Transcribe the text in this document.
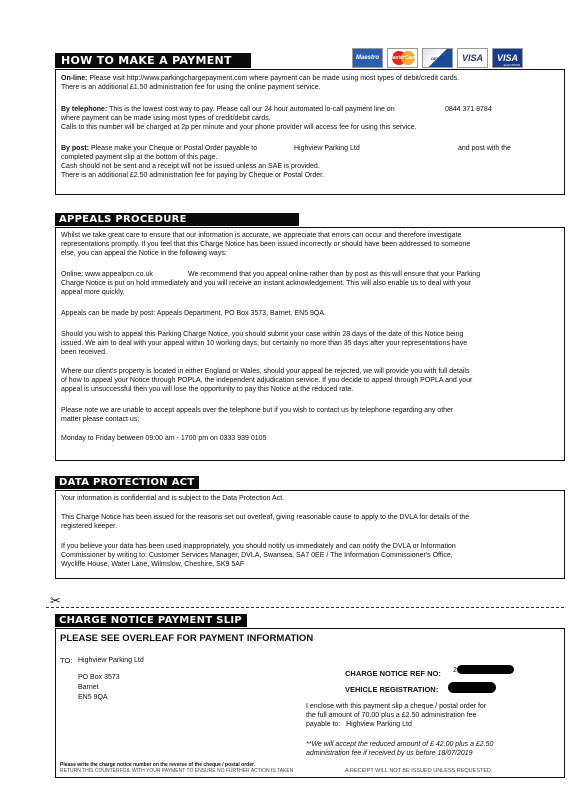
HOW TO MAKE A PAYMENT	Maestro	MasterCard	DELTA	VISA	VISA
ELECTRON
On-line: Please visit http://www.parkingchargepayment.com where payment can be made using most types of debit/credit cards.
There is an additional £1.50 administration fee for using the online payment service.
By telephone: This is the lowest cost way to pay. Please call our 24 hour automated lo-call payment line on	0844 371 8784
where payment can be made using most types of credit/debit cards.
Calls to this number will be charged at 2p per minute and your phone provider will access fee for using this service.
By post: Please make your Cheque or Postal Order payable to	Highview Parking Ltd	and post with the
completed payment slip at the bottom of this page.
Cash should not be sent and a receipt will not be issued unless an SAE is provided.
There is an additional £2.50 administration fee for paying by Cheque or Postal Order.
APPEALS PROCEDURE
Whilst we take great care to ensure that our information is accurate, we appreciate that errors can occur and therefore investigate
representations promptly. If you feel that this Charge Notice has been issued incorrectly or should have been addressed to someone
else, you can appeal the Notice in the following ways:
Online: www.appealpcn.co.uk	We recommend that you appeal online rather than by post as this will ensure that your Parking
Charge Notice is put on hold immediately and you will receive an instant acknowledgement. This will also enable us to deal with your
appeal more quickly.
Appeals can be made by post: Appeals Department, PO Box 3573, Barnet, EN5 9QA.
Should you wish to appeal this Parking Charge Notice, you should submit your case within 28 days of the date of this Notice being
issued. We aim to deal with your appeal within 10 working days, but certainly no more than 35 days after your representations have
been received.
Where our client's property is located in either England or Wales, should your appeal be rejected, we will provide you with full details
of how to appeal your Notice through POPLA, the independent adjudication service. If you decide to appeal through POPLA and your
appeal is unsuccessful then you will lose the opportunity to pay this Notice at the reduced rate.
Please note we are unable to accept appeals over the telephone but if you wish to contact us by telephone regarding any other
matter please contact us:
Monday to Friday between 09:00 am - 1700 pm on 0333 939 0105
DATA PROTECTION ACT
Your information is confidential and is subject to the Data Protection Act.
This Charge Notice has been issued for the reasons set out overleaf, giving reasonable cause to apply to the DVLA for details of the
registered keeper.
If you believe your data has been used inappropriately, you should notify us immediately and can notify the DVLA or Information
Commissioner by writing to: Customer Services Manager, DVLA, Swansea, SA7 0EE / The Information Commissioner's Office,
Wycliffe House, Water Lane, Wilmslow, Cheshire, SK9 5AF
✂
CHARGE NOTICE PAYMENT SLIP
PLEASE SEE OVERLEAF FOR PAYMENT INFORMATION
TO: Highview Parking Ltd
PO Box 3573
Barnet
EN5 9QA
CHARGE NOTICE REF NO: 2
VEHICLE REGISTRATION:
I enclose with this payment slip a cheque / postal order for
the full amount of 70.00 plus a £2.50 administration fee
payable to: Highview Parking Ltd
**We will accept the reduced amount of £ 42.00 plus a £2.50
administration fee if received by us before 18/07/2019
Please write the charge notice number on the reverse of the cheque / postal order.
RETURN THIS COUNTERFOIL WITH YOUR PAYMENT TO ENSURE NO FURTHER ACTION IS TAKEN	A RECEIPT WILL NOT BE ISSUED UNLESS REQUESTED.
